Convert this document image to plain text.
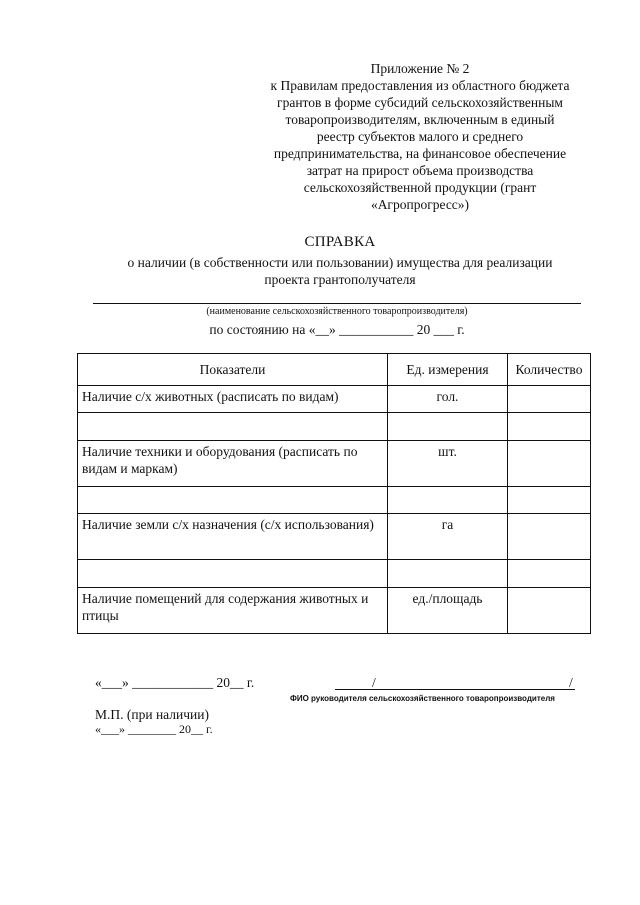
Приложение № 2
к Правилам предоставления из областного бюджета
грантов в форме субсидий сельскохозяйственным
товаропроизводителям, включенным в единый
реестр субъектов малого и среднего
предпринимательства, на финансовое обеспечение
затрат на прирост объема производства
сельскохозяйственной продукции (грант
«Агропрогресс»)
СПРАВКА
о наличии (в собственности или пользовании) имущества для реализации
проекта грантополучателя
(наименование сельскохозяйственного товаропроизводителя)
по состоянию на «__» ___________ 20 ___ г.
Показатели	Ед. измерения	Количество
Наличие с/х животных (расписать по видам)	гол.	

Наличие техники и оборудования (расписать по видам и маркам)	шт.	

Наличие земли с/х назначения (с/х использования)	га	

Наличие помещений для содержания животных и птицы	ед./площадь	
«___» ____________ 20__ г.	/	/
ФИО руководителя сельскохозяйственного товаропроизводителя
М.П. (при наличии)
«___» ________ 20__ г.
